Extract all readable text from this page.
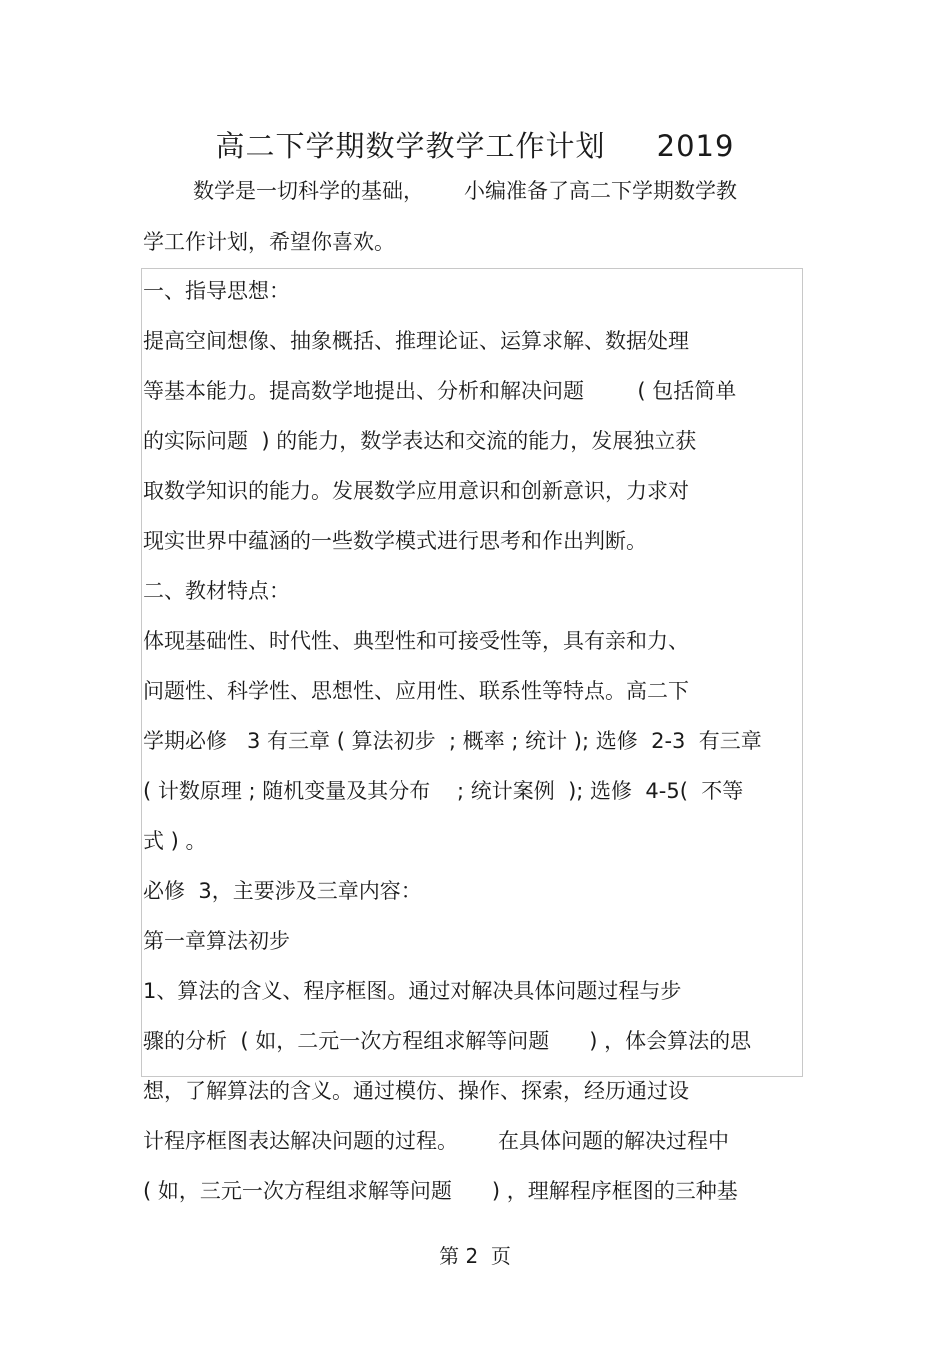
高二下学期数学教学工作计划     2019
数学是一切科学的基础，      小编准备了高二下学期数学教
学工作计划，希望你喜欢。
一、指导思想：
提高空间想像、抽象概括、推理论证、运算求解、数据处理
等基本能力。提高数学地提出、分析和解决问题        ( 包括简单
的实际问题  ) 的能力，数学表达和交流的能力，发展独立获
取数学知识的能力。发展数学应用意识和创新意识，力求对
现实世界中蕴涵的一些数学模式进行思考和作出判断。
二、教材特点：
体现基础性、时代性、典型性和可接受性等，具有亲和力、
问题性、科学性、思想性、应用性、联系性等特点。高二下
学期必修   3 有三章 ( 算法初步  ; 概率 ; 统计 ); 选修  2-3  有三章
( 计数原理 ; 随机变量及其分布    ; 统计案例  ); 选修  4-5(  不等
式 ) 。
必修  3，主要涉及三章内容：
第一章算法初步
1、算法的含义、程序框图。通过对解决具体问题过程与步
骤的分析  ( 如，二元一次方程组求解等问题      ) ，体会算法的思
想，了解算法的含义。通过模仿、操作、探索，经历通过设
计程序框图表达解决问题的过程。      在具体问题的解决过程中
( 如，三元一次方程组求解等问题      ) ，理解程序框图的三种基
第 2  页
